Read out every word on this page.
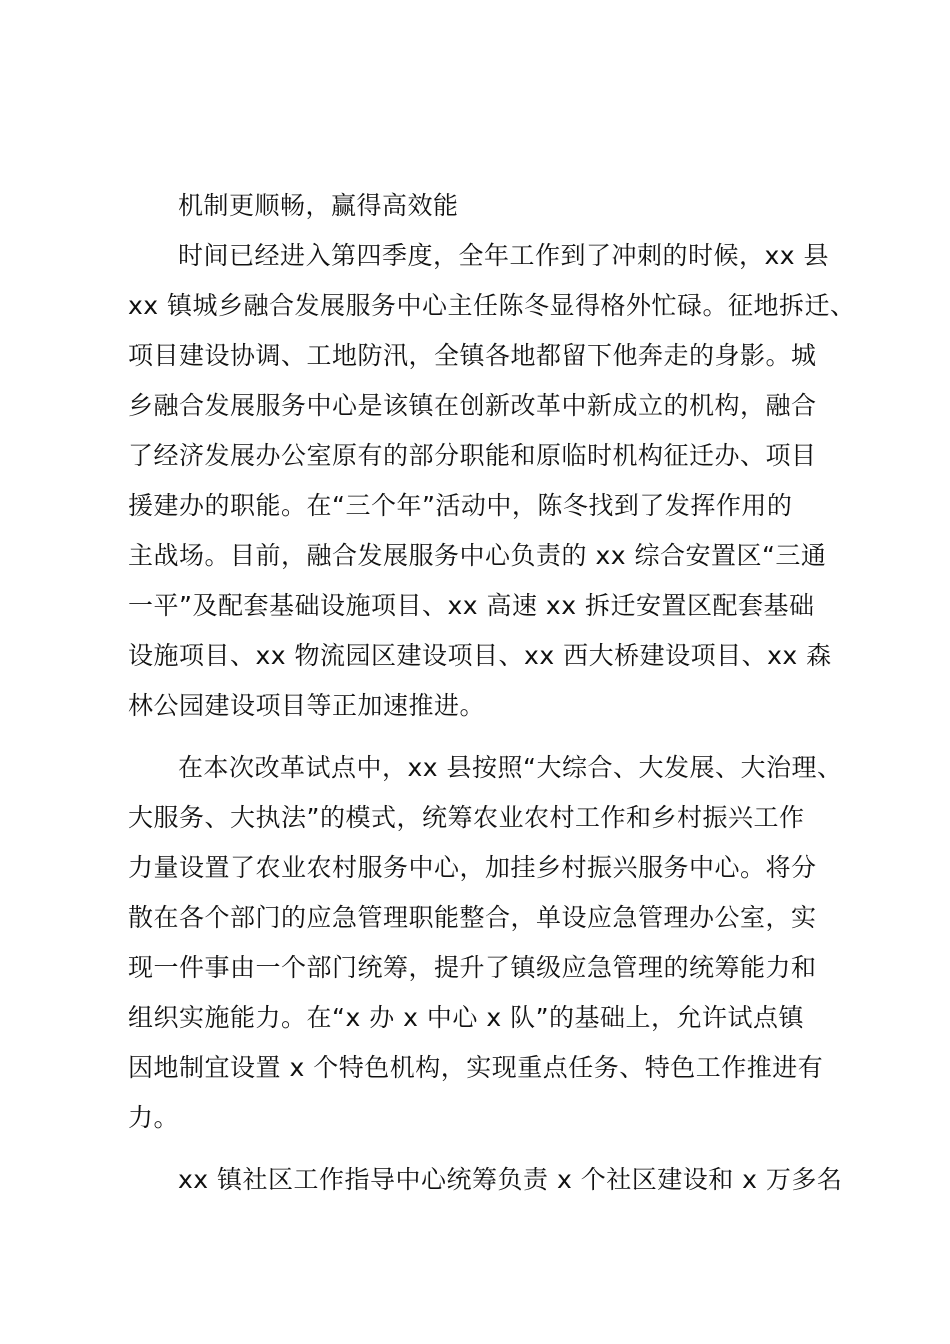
机制更顺畅，赢得高效能
时间已经进入第四季度，全年工作到了冲刺的时候，xx 县
xx 镇城乡融合发展服务中心主任陈冬显得格外忙碌。征地拆迁、
项目建设协调、工地防汛，全镇各地都留下他奔走的身影。城
乡融合发展服务中心是该镇在创新改革中新成立的机构，融合
了经济发展办公室原有的部分职能和原临时机构征迁办、项目
援建办的职能。在“三个年”活动中，陈冬找到了发挥作用的
主战场。目前，融合发展服务中心负责的 xx 综合安置区“三通
一平”及配套基础设施项目、xx 高速 xx 拆迁安置区配套基础
设施项目、xx 物流园区建设项目、xx 西大桥建设项目、xx 森
林公园建设项目等正加速推进。
在本次改革试点中，xx 县按照“大综合、大发展、大治理、
大服务、大执法”的模式，统筹农业农村工作和乡村振兴工作
力量设置了农业农村服务中心，加挂乡村振兴服务中心。将分
散在各个部门的应急管理职能整合，单设应急管理办公室，实
现一件事由一个部门统筹，提升了镇级应急管理的统筹能力和
组织实施能力。在“x 办 x 中心 x 队”的基础上，允许试点镇
因地制宜设置 x 个特色机构，实现重点任务、特色工作推进有
力。
xx 镇社区工作指导中心统筹负责 x 个社区建设和 x 万多名
